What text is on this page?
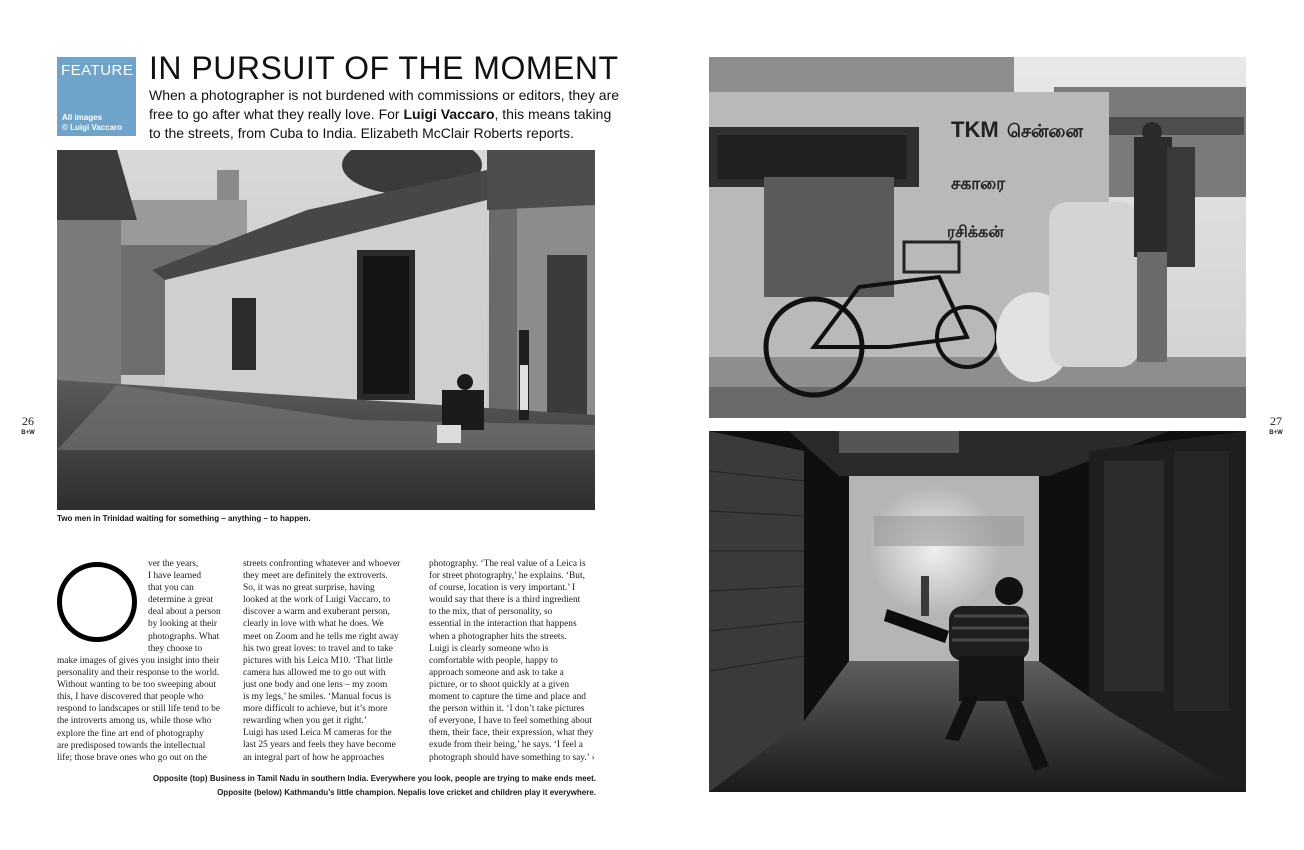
FEATURE
All images
© Luigi Vaccaro
IN PURSUIT OF THE MOMENT
When a photographer is not burdened with commissions or editors, they are
free to go after what they really love. For Luigi Vaccaro, this means taking
to the streets, from Cuba to India. Elizabeth McClair Roberts reports.
Two men in Trinidad waiting for something – anything – to happen.
26
B+W
27
B+W
ver the years,
I have learned
that you can
determine a great
deal about a person
by looking at their
photographs. What
they choose to
make images of gives you insight into their
personality and their response to the world.
Without wanting to be too sweeping about
this, I have discovered that people who
respond to landscapes or still life tend to be
the introverts among us, while those who
explore the fine art end of photography
are predisposed towards the intellectual
life; those brave ones who go out on the
streets confronting whatever and whoever
they meet are definitely the extroverts.
So, it was no great surprise, having
looked at the work of Luigi Vaccaro, to
discover a warm and exuberant person,
clearly in love with what he does. We
meet on Zoom and he tells me right away
his two great loves: to travel and to take
pictures with his Leica M10. ‘That little
camera has allowed me to go out with
just one body and one lens – my zoom
is my legs,’ he smiles. ‘Manual focus is
more difficult to achieve, but it’s more
rewarding when you get it right.’
Luigi has used Leica M cameras for the
last 25 years and feels they have become
an integral part of how he approaches
photography. ‘The real value of a Leica is
for street photography,’ he explains. ‘But,
of course, location is very important.’ I
would say that there is a third ingredient
to the mix, that of personality, so
essential in the interaction that happens
when a photographer hits the streets.
Luigi is clearly someone who is
comfortable with people, happy to
approach someone and ask to take a
picture, or to shoot quickly at a given
moment to capture the time and place and
the person within it. ‘I don’t take pictures
of everyone, I have to feel something about
them, their face, their expression, what they
exude from their being,’ he says. ‘I feel a
photograph should have something to say.’ ›
Opposite (top) Business in Tamil Nadu in southern India. Everywhere you look, people are trying to make ends meet.
Opposite (below) Kathmandu’s little champion. Nepalis love cricket and children play it everywhere.
TKM சென்னை
சகாரை
ரசிக்கன்
